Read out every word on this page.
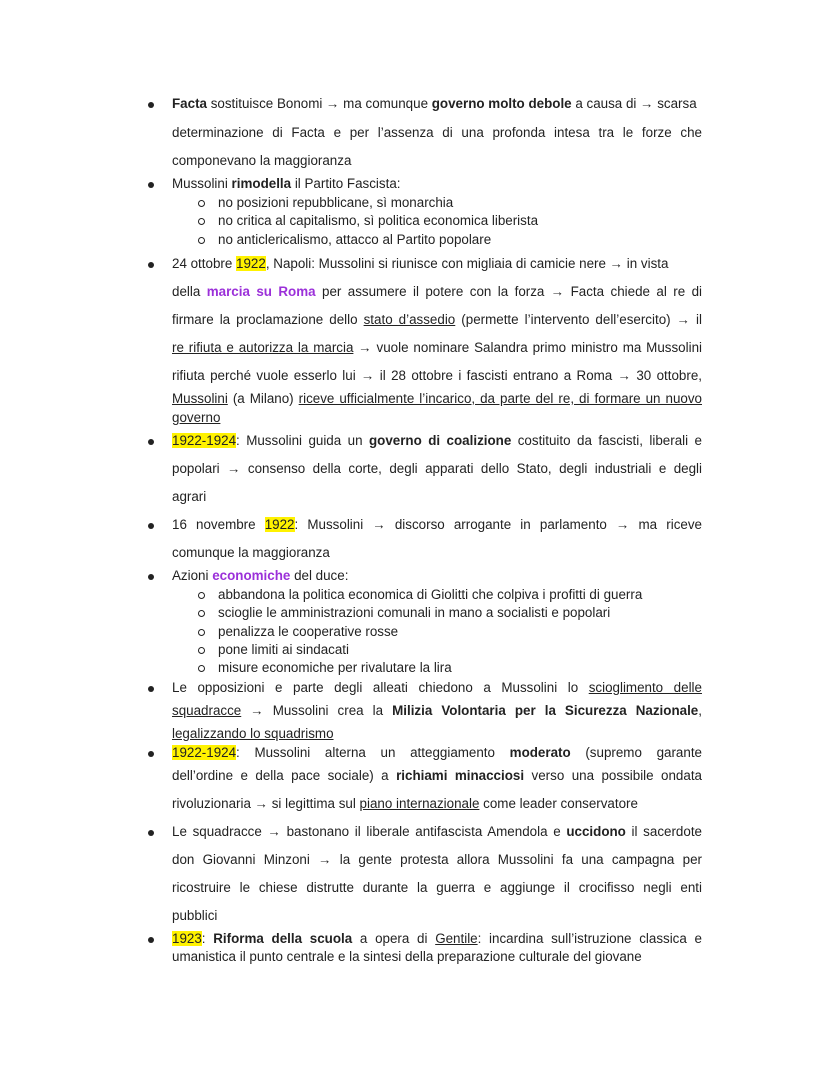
Facta sostituisce Bonomi → ma comunque governo molto debole a causa di → scarsa
determinazione di Facta e per l’assenza di una profonda intesa tra le forze che
componevano la maggioranza
Mussolini rimodella il Partito Fascista:
no posizioni repubblicane, sì monarchia
no critica al capitalismo, sì politica economica liberista
no anticlericalismo, attacco al Partito popolare
24 ottobre 1922, Napoli: Mussolini si riunisce con migliaia di camicie nere → in vista
della marcia su Roma per assumere il potere con la forza → Facta chiede al re di
firmare la proclamazione dello stato d’assedio (permette l’intervento dell’esercito) → il
re rifiuta e autorizza la marcia → vuole nominare Salandra primo ministro ma Mussolini
rifiuta perché vuole esserlo lui → il 28 ottobre i fascisti entrano a Roma → 30 ottobre,
Mussolini (a Milano) riceve ufficialmente l’incarico, da parte del re, di formare un nuovo
governo
1922-1924: Mussolini guida un governo di coalizione costituito da fascisti, liberali e
popolari → consenso della corte, degli apparati dello Stato, degli industriali e degli
agrari
16 novembre 1922: Mussolini → discorso arrogante in parlamento → ma riceve
comunque la maggioranza
Azioni economiche del duce:
abbandona la politica economica di Giolitti che colpiva i profitti di guerra
scioglie le amministrazioni comunali in mano a socialisti e popolari
penalizza le cooperative rosse
pone limiti ai sindacati
misure economiche per rivalutare la lira
Le opposizioni e parte degli alleati chiedono a Mussolini lo scioglimento delle
squadracce → Mussolini crea la Milizia Volontaria per la Sicurezza Nazionale,
legalizzando lo squadrismo
1922-1924: Mussolini alterna un atteggiamento moderato (supremo garante
dell’ordine e della pace sociale) a richiami minacciosi verso una possibile ondata
rivoluzionaria → si legittima sul piano internazionale come leader conservatore
Le squadracce → bastonano il liberale antifascista Amendola e uccidono il sacerdote
don Giovanni Minzoni → la gente protesta allora Mussolini fa una campagna per
ricostruire le chiese distrutte durante la guerra e aggiunge il crocifisso negli enti
pubblici
1923: Riforma della scuola a opera di Gentile: incardina sull’istruzione classica e
umanistica il punto centrale e la sintesi della preparazione culturale del giovane
